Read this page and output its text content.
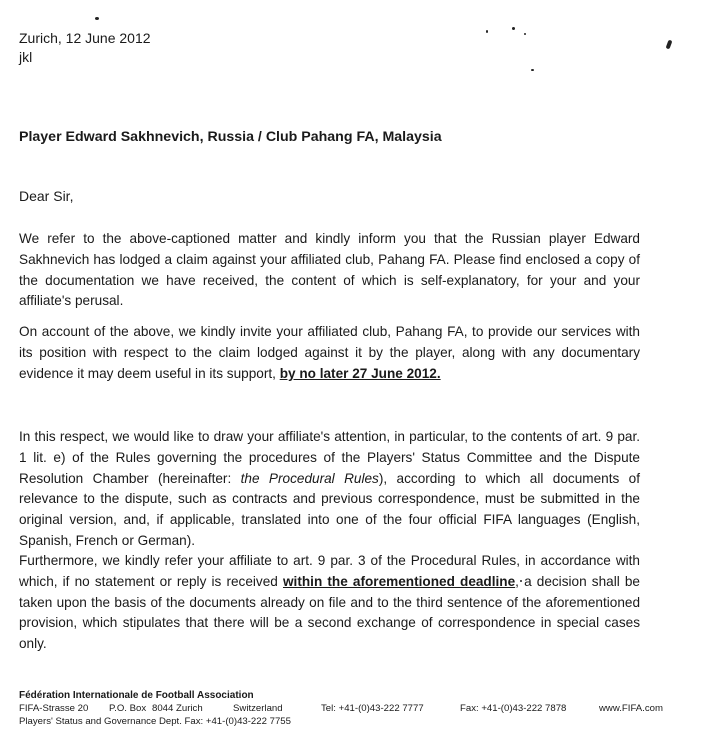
Zurich, 12 June 2012
jkl
Player Edward Sakhnevich, Russia / Club Pahang FA, Malaysia
Dear Sir,
We refer to the above-captioned matter and kindly inform you that the Russian player Edward Sakhnevich has lodged a claim against your affiliated club, Pahang FA. Please find enclosed a copy of the documentation we have received, the content of which is self-explanatory, for your and your affiliate's perusal.
On account of the above, we kindly invite your affiliated club, Pahang FA, to provide our services with its position with respect to the claim lodged against it by the player, along with any documentary evidence it may deem useful in its support, by no later 27 June 2012.
In this respect, we would like to draw your affiliate's attention, in particular, to the contents of art. 9 par. 1 lit. e) of the Rules governing the procedures of the Players' Status Committee and the Dispute Resolution Chamber (hereinafter: the Procedural Rules), according to which all documents of relevance to the dispute, such as contracts and previous correspondence, must be submitted in the original version, and, if applicable, translated into one of the four official FIFA languages (English, Spanish, French or German).
Furthermore, we kindly refer your affiliate to art. 9 par. 3 of the Procedural Rules, in accordance with which, if no statement or reply is received within the aforementioned deadline, a decision shall be taken upon the basis of the documents already on file and to the third sentence of the aforementioned provision, which stipulates that there will be a second exchange of correspondence in special cases only.
Fédération Internationale de Football Association
FIFA-Strasse 20 P.O. Box 8044 Zurich	Switzerland	Tel: +41-(0)43-222 7777	Fax: +41-(0)43-222 7878	www.FIFA.com
Players' Status and Governance Dept. Fax: +41-(0)43-222 7755
